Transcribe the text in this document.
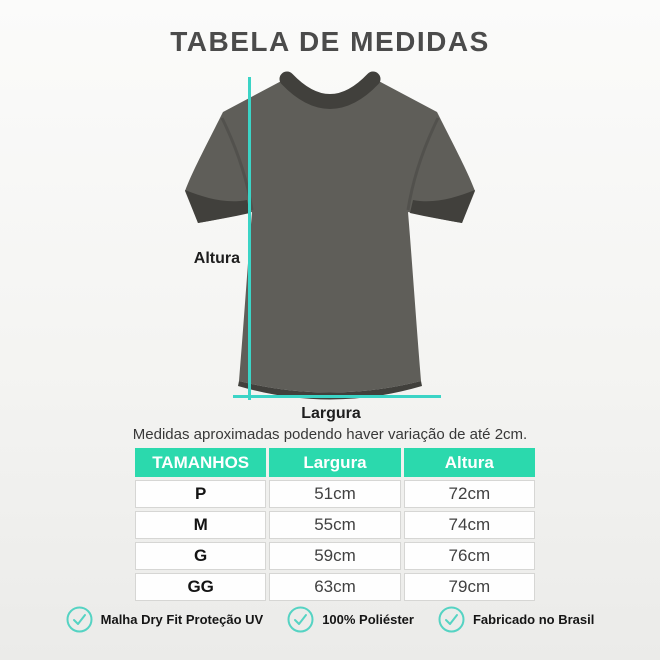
TABELA DE MEDIDAS
Altura
Largura
Medidas aproximadas podendo haver variação de até 2cm.
TAMANHOS	Largura	Altura
P	51cm	72cm
M	55cm	74cm
G	59cm	76cm
GG	63cm	79cm
Malha Dry Fit Proteção UV	100% Poliéster	Fabricado no Brasil
